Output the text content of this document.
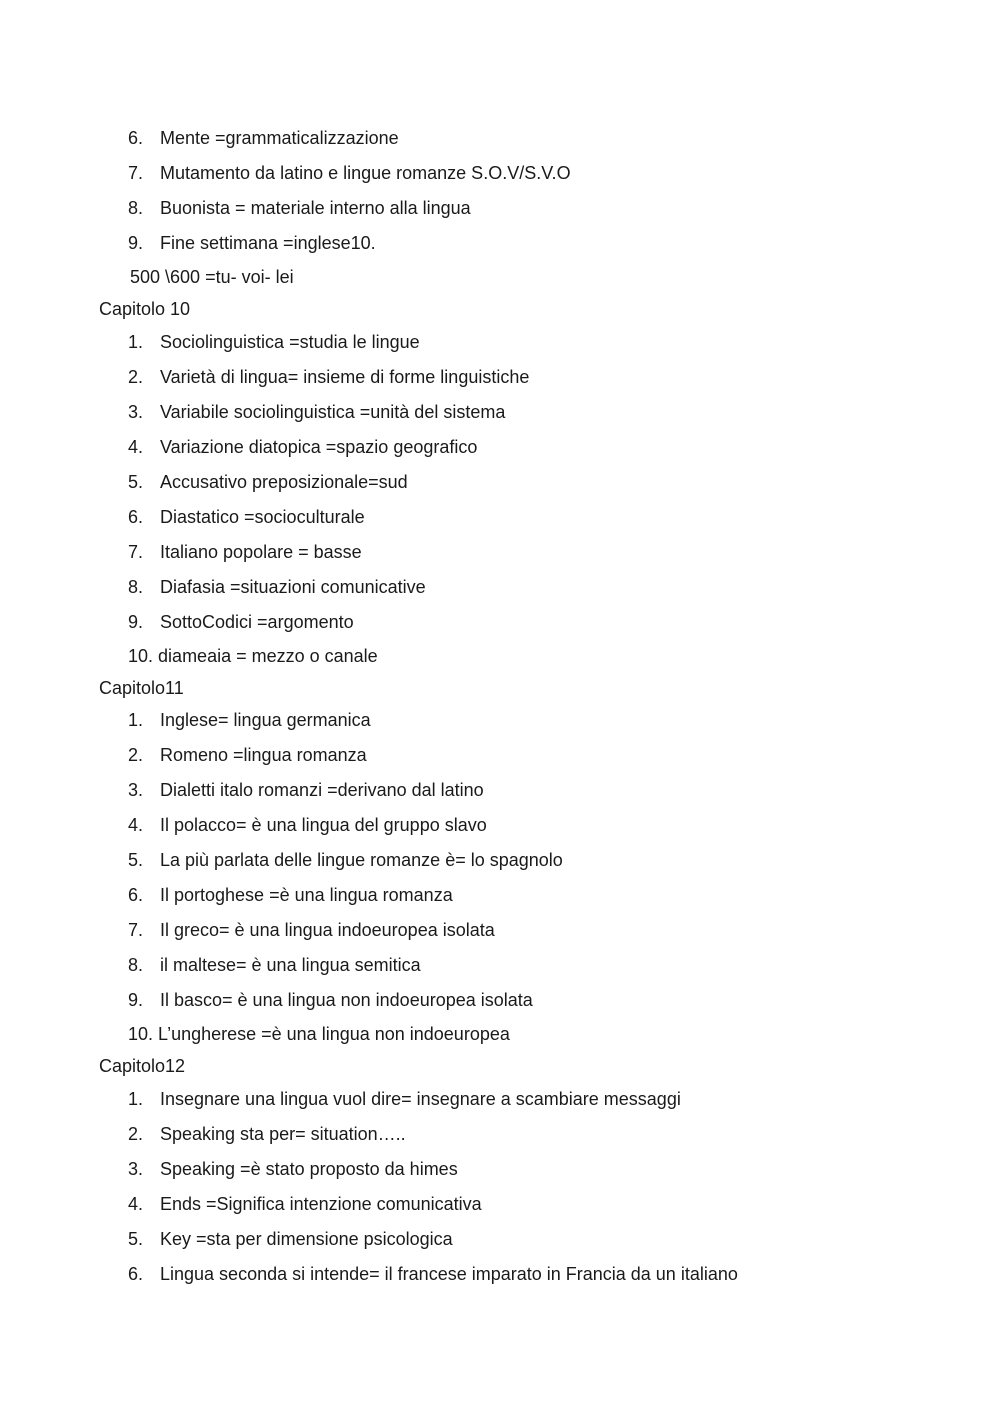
6. Mente =grammaticalizzazione
7. Mutamento da latino e lingue romanze S.O.V/S.V.O
8. Buonista = materiale interno alla lingua
9. Fine settimana =inglese10.
500 \600 =tu- voi- lei
Capitolo 10
1. Sociolinguistica =studia le lingue
2. Varietà di lingua= insieme di forme linguistiche
3. Variabile sociolinguistica =unità del sistema
4. Variazione diatopica =spazio geografico
5. Accusativo preposizionale=sud
6. Diastatico =socioculturale
7. Italiano popolare = basse
8. Diafasia =situazioni comunicative
9. SottoCodici =argomento
10. diameaia = mezzo o canale
Capitolo11
1. Inglese= lingua germanica
2. Romeno =lingua romanza
3. Dialetti italo romanzi =derivano dal latino
4. Il polacco= è una lingua del gruppo slavo
5. La più parlata delle lingue romanze è= lo spagnolo
6. Il portoghese =è una lingua romanza
7. Il greco= è una lingua indoeuropea isolata
8. il maltese= è una lingua semitica
9. Il basco= è una lingua non indoeuropea isolata
10. L’ungherese =è una lingua non indoeuropea
Capitolo12
1. Insegnare una lingua vuol dire= insegnare a scambiare messaggi
2. Speaking sta per= situation…..
3. Speaking =è stato proposto da himes
4. Ends =Significa intenzione comunicativa
5. Key =sta per dimensione psicologica
6. Lingua seconda si intende= il francese imparato in Francia da un italiano
